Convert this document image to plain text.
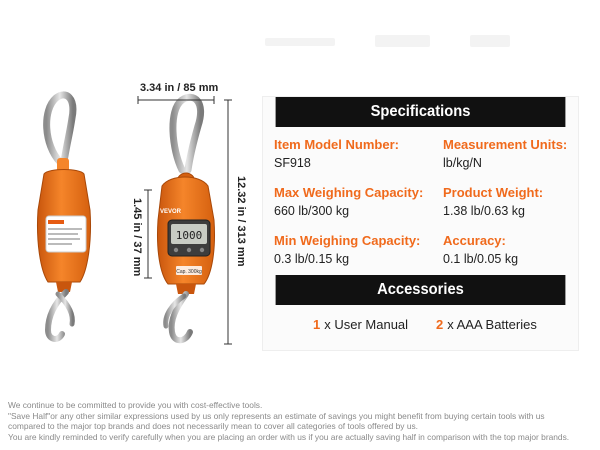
1000
VEVOR
Cap. 300kg
3.34 in / 85 mm
12.32 in / 313 mm
1.45 in / 37 mm
Specifications
Item Model Number:
SF918
Measurement Units:
lb/kg/N
Max Weighing Capacity:
660 lb/300 kg
Product Weight:
1.38 lb/0.63 kg
Min Weighing Capacity:
0.3 lb/0.15 kg
Accuracy:
0.1 lb/0.05 kg
Accessories
1 x User Manual 2 x AAA Batteries
We continue to be committed to provide you with cost-effective tools.
"Save Half"or any other similar expressions used by us only represents an estimate of savings you might benefit from buying certain tools with us
compared to the major top brands and does not necessarily mean to cover all categories of tools offered by us.
You are kindly reminded to verify carefully when you are placing an order with us if you are actually saving half in comparison with the top major brands.
